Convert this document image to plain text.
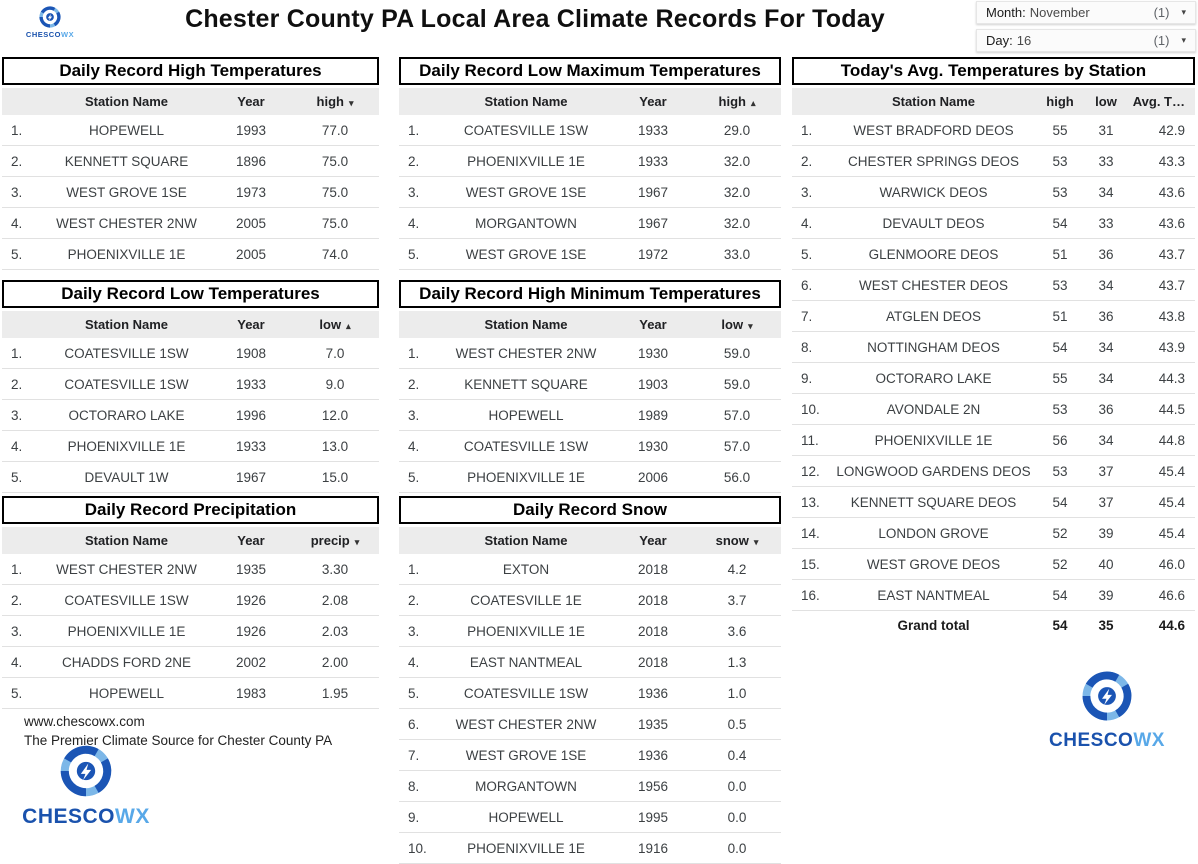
CHESCOWX
Chester County PA Local Area Climate Records For Today	Month: November	(1) ▾
Day: 16	(1) ▾
Daily Record High Temperatures
Station Name	Year	high ▾
1.	HOPEWELL	1993	77.0
2.	KENNETT SQUARE	1896	75.0
3.	WEST GROVE 1SE	1973	75.0
4.	WEST CHESTER 2NW	2005	75.0
5.	PHOENIXVILLE 1E	2005	74.0
Daily Record Low Temperatures
Station Name	Year	low ▴
1.	COATESVILLE 1SW	1908	7.0
2.	COATESVILLE 1SW	1933	9.0
3.	OCTORARO LAKE	1996	12.0
4.	PHOENIXVILLE 1E	1933	13.0
5.	DEVAULT 1W	1967	15.0
Daily Record Precipitation
Station Name	Year	precip ▾
1.	WEST CHESTER 2NW	1935	3.30
2.	COATESVILLE 1SW	1926	2.08
3.	PHOENIXVILLE 1E	1926	2.03
4.	CHADDS FORD 2NE	2002	2.00
5.	HOPEWELL	1983	1.95
www.chescowx.com
The Premier Climate Source for Chester County PA
CHESCOWX
Daily Record Low Maximum Temperatures
Station Name	Year	high ▴
1.	COATESVILLE 1SW	1933	29.0
2.	PHOENIXVILLE 1E	1933	32.0
3.	WEST GROVE 1SE	1967	32.0
4.	MORGANTOWN	1967	32.0
5.	WEST GROVE 1SE	1972	33.0
Daily Record High Minimum Temperatures
Station Name	Year	low ▾
1.	WEST CHESTER 2NW	1930	59.0
2.	KENNETT SQUARE	1903	59.0
3.	HOPEWELL	1989	57.0
4.	COATESVILLE 1SW	1930	57.0
5.	PHOENIXVILLE 1E	2006	56.0
Daily Record Snow
Station Name	Year	snow ▾
1.	EXTON	2018	4.2
2.	COATESVILLE 1E	2018	3.7
3.	PHOENIXVILLE 1E	2018	3.6
4.	EAST NANTMEAL	2018	1.3
5.	COATESVILLE 1SW	1936	1.0
6.	WEST CHESTER 2NW	1935	0.5
7.	WEST GROVE 1SE	1936	0.4
8.	MORGANTOWN	1956	0.0
9.	HOPEWELL	1995	0.0
10.	PHOENIXVILLE 1E	1916	0.0
Today's Avg. Temperatures by Station
Station Name	high	low	Avg. T…
1.	WEST BRADFORD DEOS	55	31	42.9
2.	CHESTER SPRINGS DEOS	53	33	43.3
3.	WARWICK DEOS	53	34	43.6
4.	DEVAULT DEOS	54	33	43.6
5.	GLENMOORE DEOS	51	36	43.7
6.	WEST CHESTER DEOS	53	34	43.7
7.	ATGLEN DEOS	51	36	43.8
8.	NOTTINGHAM DEOS	54	34	43.9
9.	OCTORARO LAKE	55	34	44.3
10.	AVONDALE 2N	53	36	44.5
11.	PHOENIXVILLE 1E	56	34	44.8
12.	LONGWOOD GARDENS DEOS	53	37	45.4
13.	KENNETT SQUARE DEOS	54	37	45.4
14.	LONDON GROVE	52	39	45.4
15.	WEST GROVE DEOS	52	40	46.0
16.	EAST NANTMEAL	54	39	46.6
Grand total	54	35	44.6
CHESCOWX
